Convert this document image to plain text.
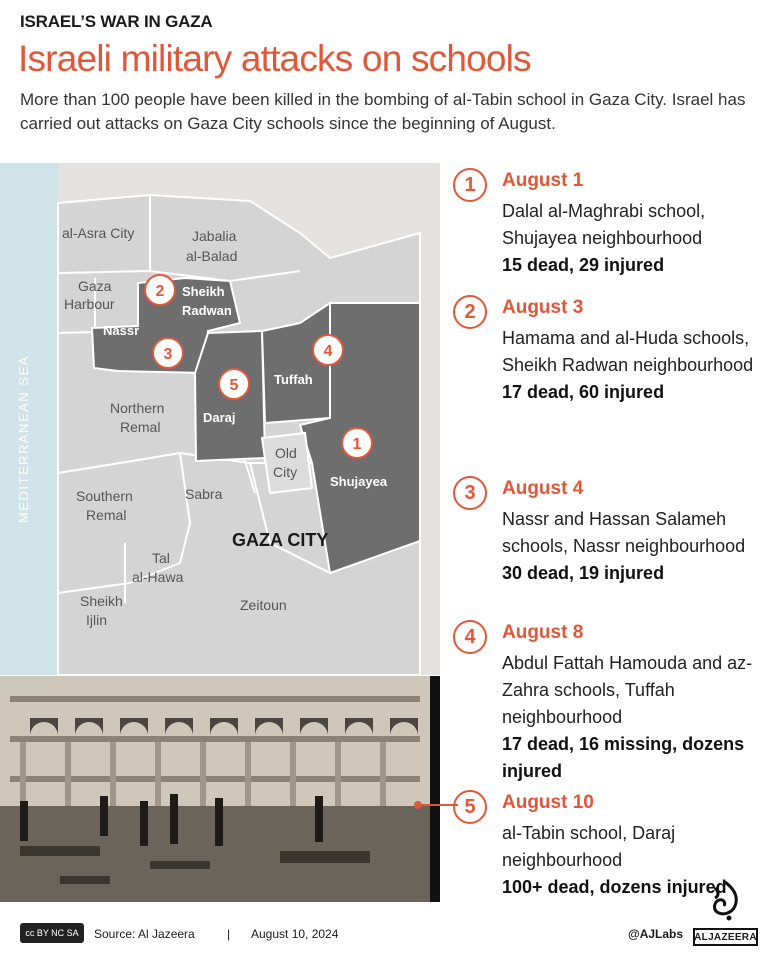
ISRAEL’S WAR IN GAZA
Israeli military attacks on schools
More than 100 people have been killed in the bombing of al-Tabin school in Gaza City. Israel has carried out attacks on Gaza City schools since the beginning of August.
MEDITERRANEAN SEA
al-Asra City	Jabalia
al-Balad
Gaza
Harbour
Northern
Remal
Southern
Remal
Sabra
Old
City
Tal
al-Hawa
Sheikh
Ijlin
Zeitoun
Sheikh
Radwan
Nassr
Tuffah
Daraj
Shujayea
GAZA CITY
1
2
3	4
5
1	August 1
Dalal al-Maghrabi school, Shujayea neighbourhood
15 dead, 29 injured
2	August 3
Hamama and al-Huda schools, Sheikh Radwan neighbourhood
17 dead, 60 injured
3	August 4
Nassr and Hassan Salameh schools, Nassr neighbourhood
30 dead, 19 injured
4	August 8
Abdul Fattah Hamouda and az-Zahra schools, Tuffah neighbourhood
17 dead, 16 missing, dozens injured
5	August 10
al-Tabin school, Daraj neighbourhood
100+ dead, dozens injured
cc BY NC SA Source: Al Jazeera	| August 10, 2024	@AJLabs ALJAZEERA
